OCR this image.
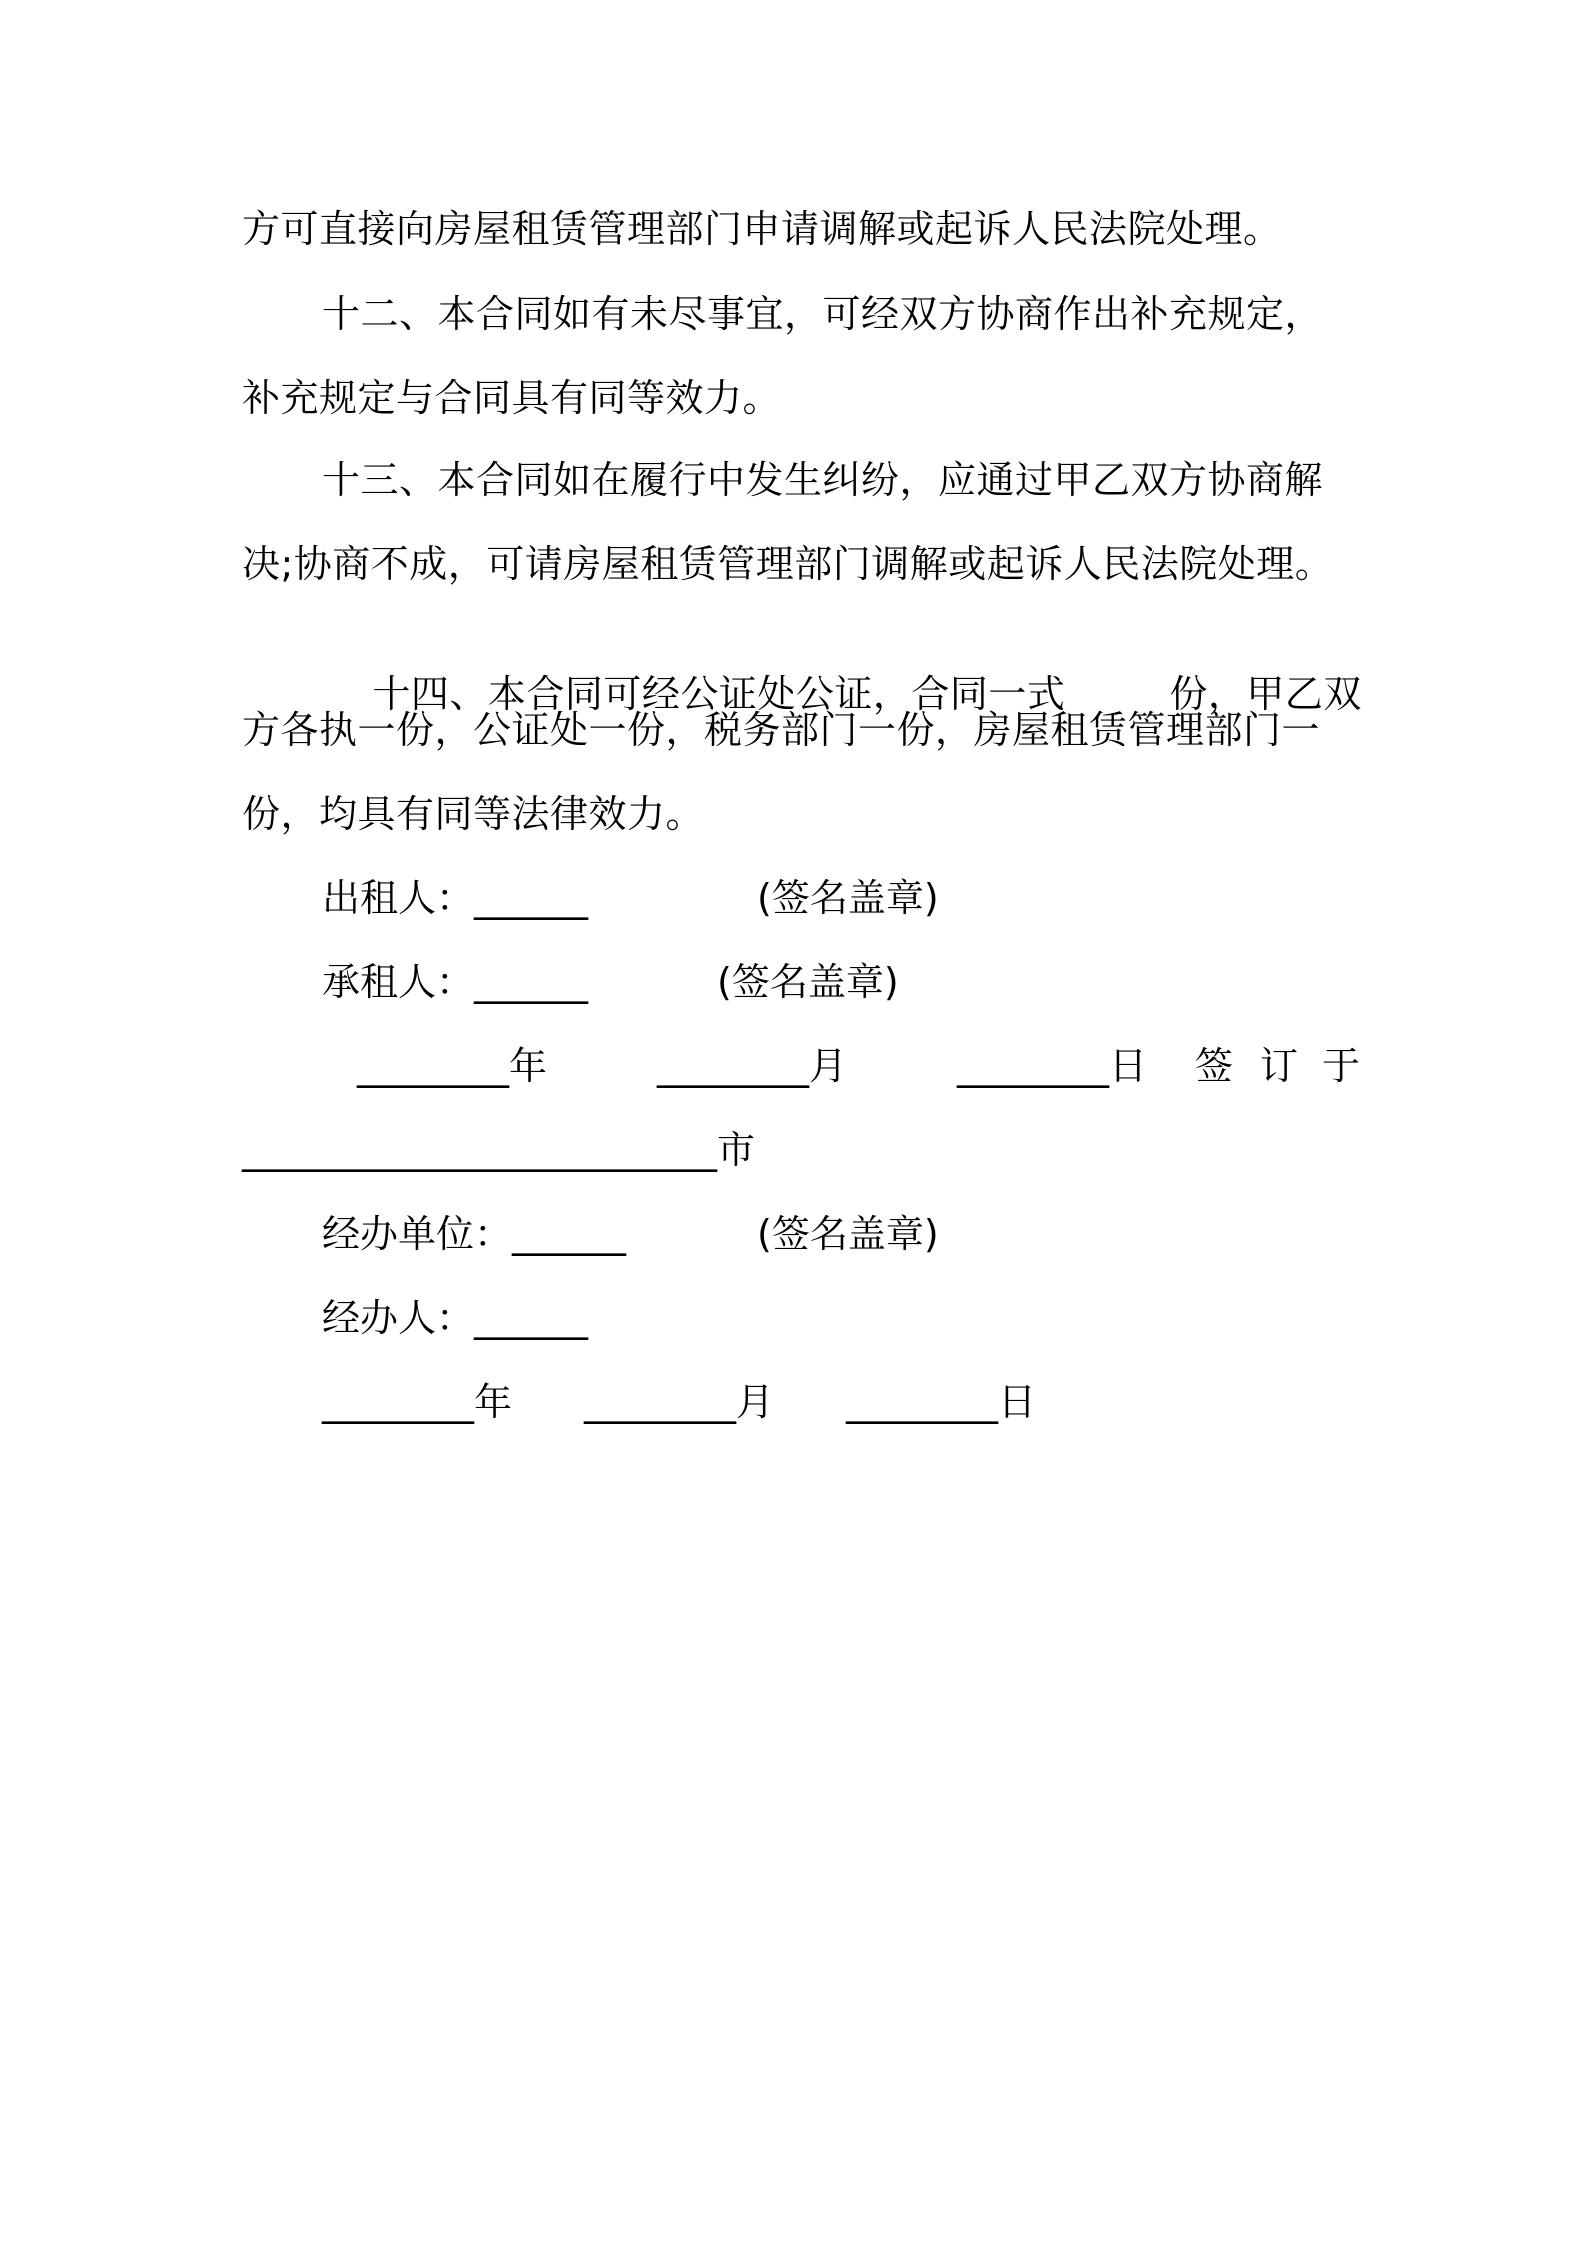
方可直接向房屋租赁管理部门申请调解或起诉人民法院处理。
十二、本合同如有未尽事宜，可经双方协商作出补充规定，
补充规定与合同具有同等效力。
十三、本合同如在履行中发生纠纷，应通过甲乙双方协商解
决;协商不成，可请房屋租赁管理部门调解或起诉人民法院处理。

十四、本合同可经公证处公证，合同一式	份，甲乙双

方各执一份，公证处一份，税务部门一份，房屋租赁管理部门一
份，均具有同等法律效力。
出租人：______	(签名盖章)
承租人：______	(签名盖章)
________年	________月	________日 签 订 于
_________________________市
经办单位：______	(签名盖章)
经办人：______
________年 ________月 ________日
